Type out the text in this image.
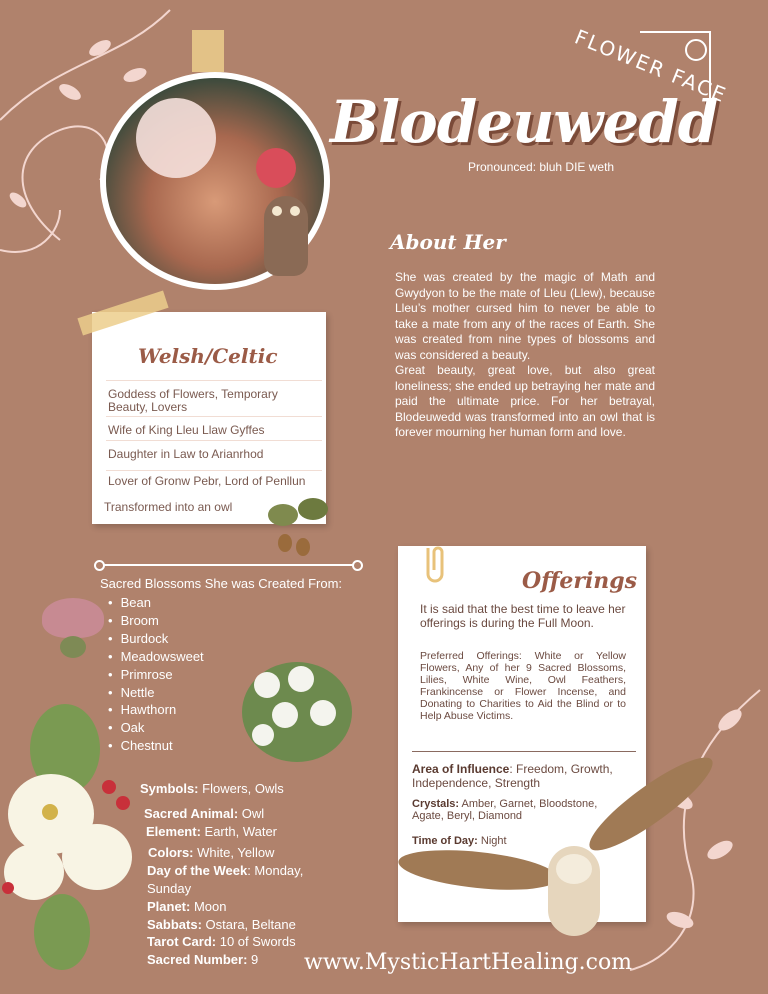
Blodeuwedd
Pronounced: bluh DIE weth
FLOWER FACE
About Her
She was created by the magic of Math and Gwydyon to be the mate of Lleu (Llew), because Lleu’s mother cursed him to never be able to take a mate from any of the races of Earth. She was created from nine types of blossoms and was considered a beauty.
Great beauty, great love, but also great loneliness; she ended up betraying her mate and paid the ultimate price. For her betrayal, Blodeuwedd was transformed into an owl that is forever mourning her human form and love.
Welsh/Celtic
Goddess of Flowers, Temporary Beauty, Lovers
Wife of King Lleu Llaw Gyffes
Daughter in Law to Arianrhod
Lover of Gronw Pebr, Lord of Penllun
Transformed into an owl
Sacred Blossoms She was Created From:
• Bean
• Broom
• Burdock
• Meadowsweet
• Primrose
• Nettle
• Hawthorn
• Oak
• Chestnut
Symbols: Flowers, Owls
Sacred Animal: Owl
Element: Earth, Water
Colors: White, Yellow
Day of the Week: Monday, Sunday
Planet: Moon
Sabbats: Ostara, Beltane
Tarot Card: 10 of Swords
Sacred Number: 9
Offerings
It is said that the best time to leave her offerings is during the Full Moon.
Preferred Offerings: White or Yellow Flowers, Any of her 9 Sacred Blossoms, Lilies, White Wine, Owl Feathers, Frankincense or Flower Incense, and Donating to Charities to Aid the Blind or to Help Abuse Victims.
Area of Influence: Freedom, Growth, Independence, Strength
Crystals: Amber, Garnet, Bloodstone, Agate, Beryl, Diamond
Time of Day: Night
www.MysticHartHealing.com
